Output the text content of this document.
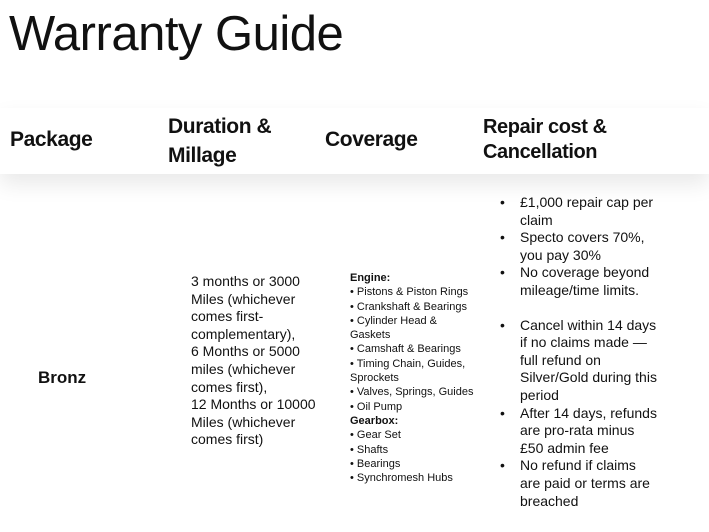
Warranty Guide
Package
Duration & Millage
Coverage
Repair cost & Cancellation
Bronz
3 months or 3000 Miles (whichever comes first-complementary),
6 Months or 5000 miles (whichever comes first),
12 Months or 10000 Miles (whichever comes first)
Engine:
• Pistons & Piston Rings
• Crankshaft & Bearings
• Cylinder Head & Gaskets
• Camshaft & Bearings
• Timing Chain, Guides, Sprockets
• Valves, Springs, Guides
• Oil Pump
Gearbox:
• Gear Set
• Shafts
• Bearings
• Synchromesh Hubs
• £1,000 repair cap per claim
• Specto covers 70%, you pay 30%
• No coverage beyond mileage/time limits.
• Cancel within 14 days if no claims made — full refund on Silver/Gold during this period
• After 14 days, refunds are pro-rata minus £50 admin fee
• No refund if claims are paid or terms are breached
